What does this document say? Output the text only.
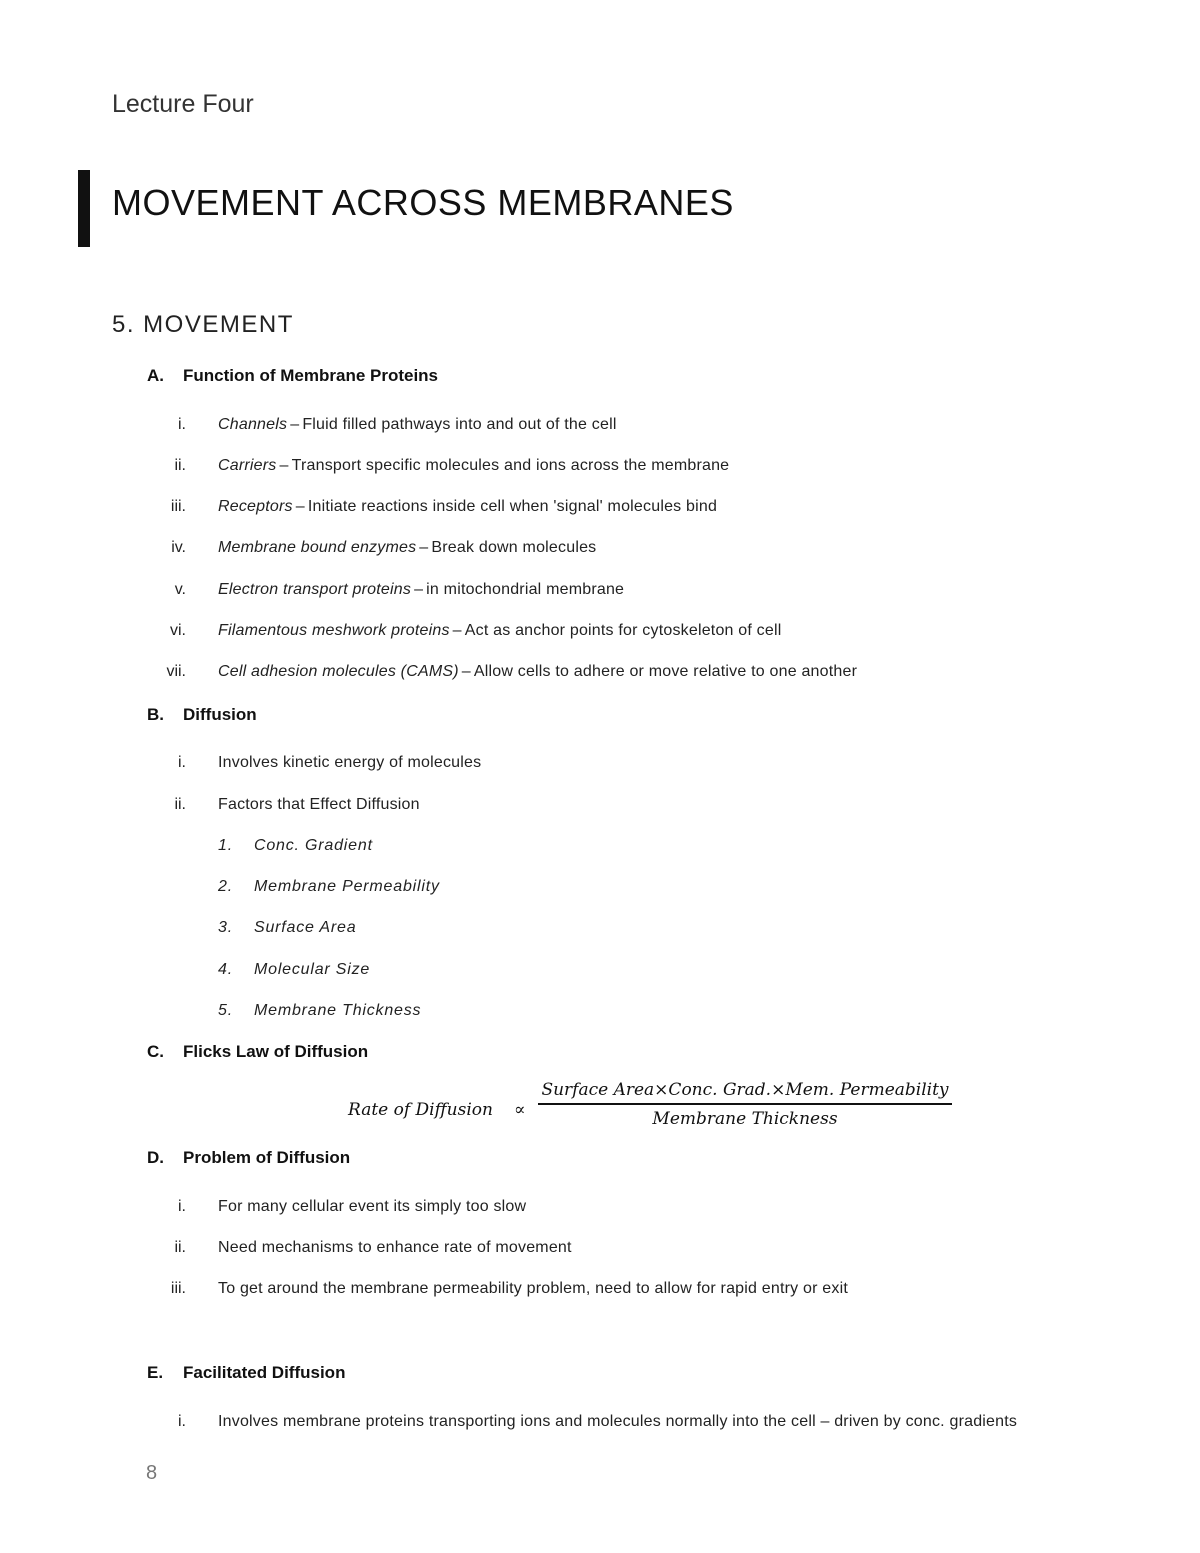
Lecture Four
MOVEMENT ACROSS MEMBRANES
5. MOVEMENT
A. Function of Membrane Proteins
i. Channels – Fluid filled pathways into and out of the cell
ii. Carriers – Transport specific molecules and ions across the membrane
iii. Receptors – Initiate reactions inside cell when 'signal' molecules bind
iv. Membrane bound enzymes – Break down molecules
v. Electron transport proteins – in mitochondrial membrane
vi. Filamentous meshwork proteins – Act as anchor points for cytoskeleton of cell
vii. Cell adhesion molecules (CAMS) – Allow cells to adhere or move relative to one another
B. Diffusion
i. Involves kinetic energy of molecules
ii. Factors that Effect Diffusion
1. Conc. Gradient
2. Membrane Permeability
3. Surface Area
4. Molecular Size
5. Membrane Thickness
C. Flicks Law of Diffusion
Rate of Diffusion ∝
Surface Area×Conc. Grad.×Mem. Permeability
Membrane Thickness
D. Problem of Diffusion
i. For many cellular event its simply too slow
ii. Need mechanisms to enhance rate of movement
iii. To get around the membrane permeability problem, need to allow for rapid entry or exit
E. Facilitated Diffusion
i. Involves membrane proteins transporting ions and molecules normally into the cell – driven by conc. gradients
8
